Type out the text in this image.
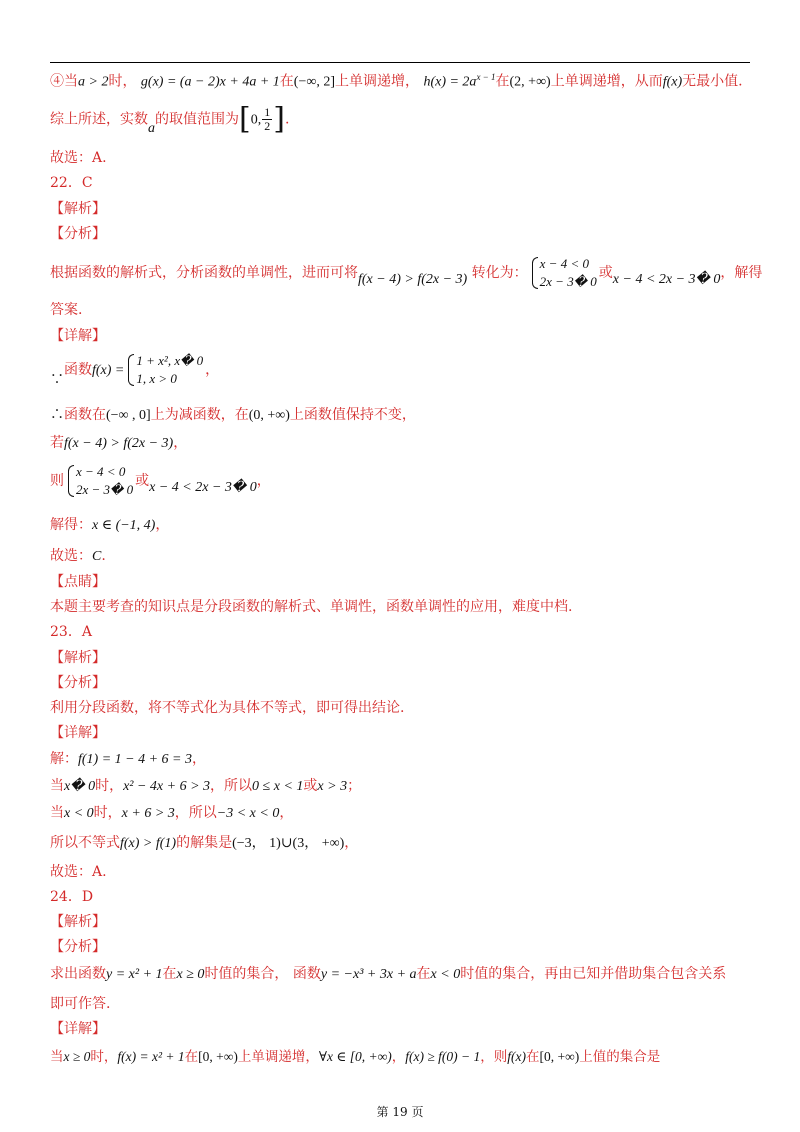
④当a > 2时， g(x) = (a − 2)x + 4a + 1在(−∞, 2]上单调递增， $h(x) = 2a^{x - 1}$在(2, +∞)上单调递增，从而f(x)无最小值.
综上所述，实数a的取值范围为[0, $\frac{1}{2}$ ].
故选：A.
22．C
【解析】
【分析】
根据函数的解析式，分析函数的单调性，进而可将f(x − 4) > f(2x − 3) 转化为：
x − 4 < 0
2x − 3� 0
或x − 4 < 2x − 3� 0，解得
答案.
【详解】
∵函数f(x) =
1 + x², x� 0
1, x > 0
，
∴函数在(−∞ , 0]上为减函数，在(0, +∞)上函数值保持不变，
若f(x − 4) > f(2x − 3)，
则
x − 4 < 0
2x − 3� 0
或x − 4 < 2x − 3� 0，
解得：x ∈ (−1, 4)，
故选：C.
【点睛】
本题主要考查的知识点是分段函数的解析式、单调性，函数单调性的应用，难度中档.
23．A
【解析】
【分析】
利用分段函数，将不等式化为具体不等式，即可得出结论.
【详解】
解：f(1) = 1 − 4 + 6 = 3，
当x� 0时，x² − 4x + 6 > 3，所以0 ≤ x < 1或x > 3；
当x < 0时，x + 6 > 3，所以−3 < x < 0，
所以不等式f(x) > f(1)的解集是(−3， 1)∪(3， +∞)，
故选：A.
24．D
【解析】
【分析】
求出函数y = x² + 1在x ≥ 0时值的集合， 函数y = −x³ + 3x + a在x < 0时值的集合，再由已知并借助集合包含关系
即可作答.
【详解】
当x ≥ 0时，f(x) = x² + 1在[0, +∞)上单调递增，∀x ∈ [0, +∞)，f(x) ≥ f(0) − 1，则f(x)在[0, +∞)上值的集合是
第 19 页
